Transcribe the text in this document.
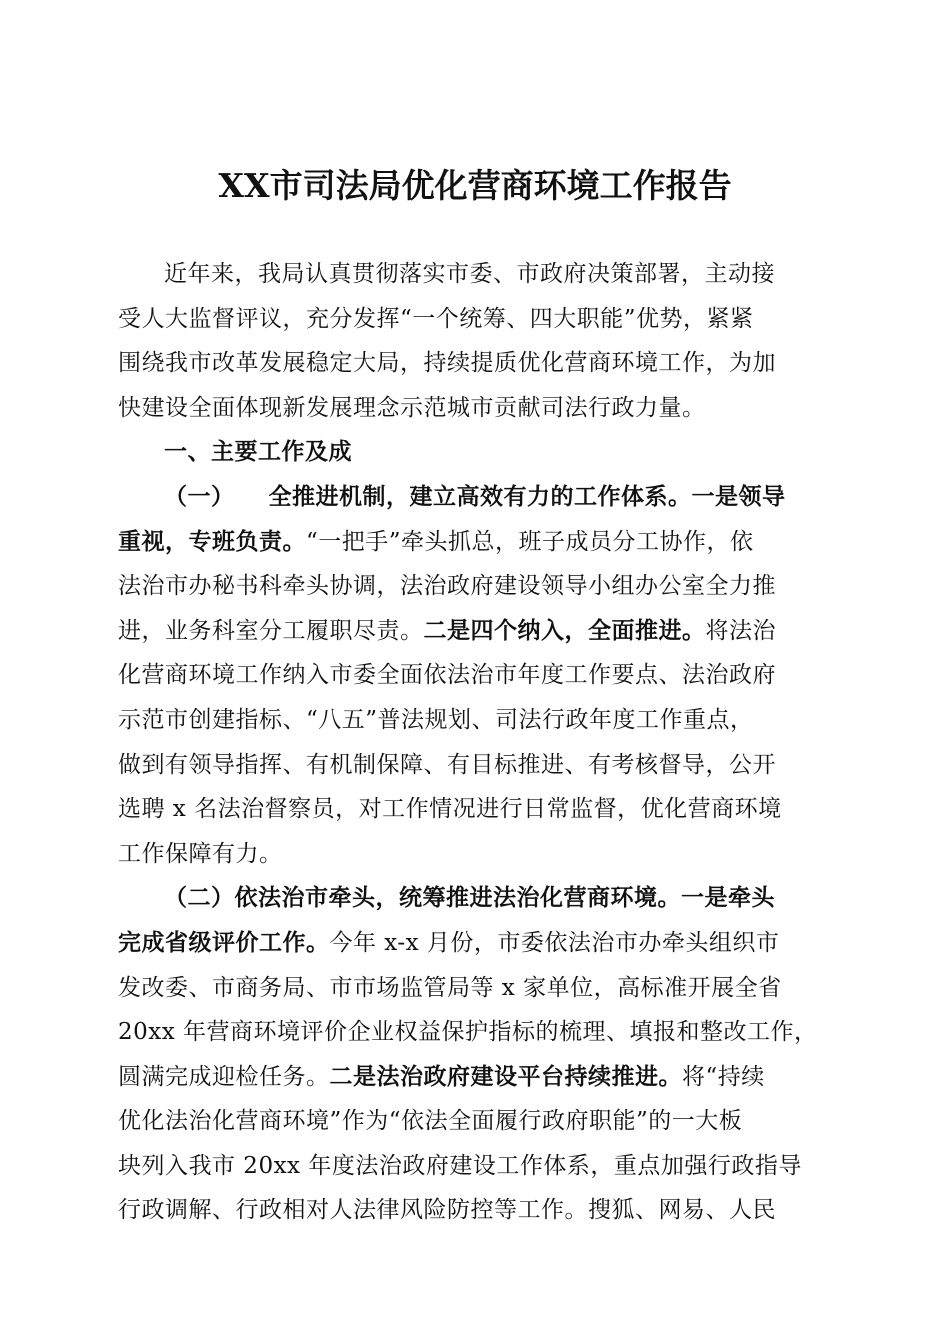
XX市司法局优化营商环境工作报告
近年来，我局认真贯彻落实市委、市政府决策部署，主动接
受人大监督评议，充分发挥“一个统筹、四大职能”优势，紧紧
围绕我市改革发展稳定大局，持续提质优化营商环境工作，为加
快建设全面体现新发展理念示范城市贡献司法行政力量。
一、主要工作及成
（一） 全推进机制，建立高效有力的工作体系。一是领导
重视，专班负责。“一把手”牵头抓总，班子成员分工协作，依
法治市办秘书科牵头协调，法治政府建设领导小组办公室全力推
进，业务科室分工履职尽责。二是四个纳入，全面推进。将法治
化营商环境工作纳入市委全面依法治市年度工作要点、法治政府
示范市创建指标、“八五”普法规划、司法行政年度工作重点，
做到有领导指挥、有机制保障、有目标推进、有考核督导，公开
选聘 x 名法治督察员，对工作情况进行日常监督，优化营商环境
工作保障有力。
（二）依法治市牵头，统筹推进法治化营商环境。一是牵头
完成省级评价工作。今年 x-x 月份，市委依法治市办牵头组织市
发改委、市商务局、市市场监管局等 x 家单位，高标准开展全省
20xx 年营商环境评价企业权益保护指标的梳理、填报和整改工作，
圆满完成迎检任务。二是法治政府建设平台持续推进。将“持续
优化法治化营商环境”作为“依法全面履行政府职能”的一大板
块列入我市 20xx 年度法治政府建设工作体系，重点加强行政指导
行政调解、行政相对人法律风险防控等工作。搜狐、网易、人民
